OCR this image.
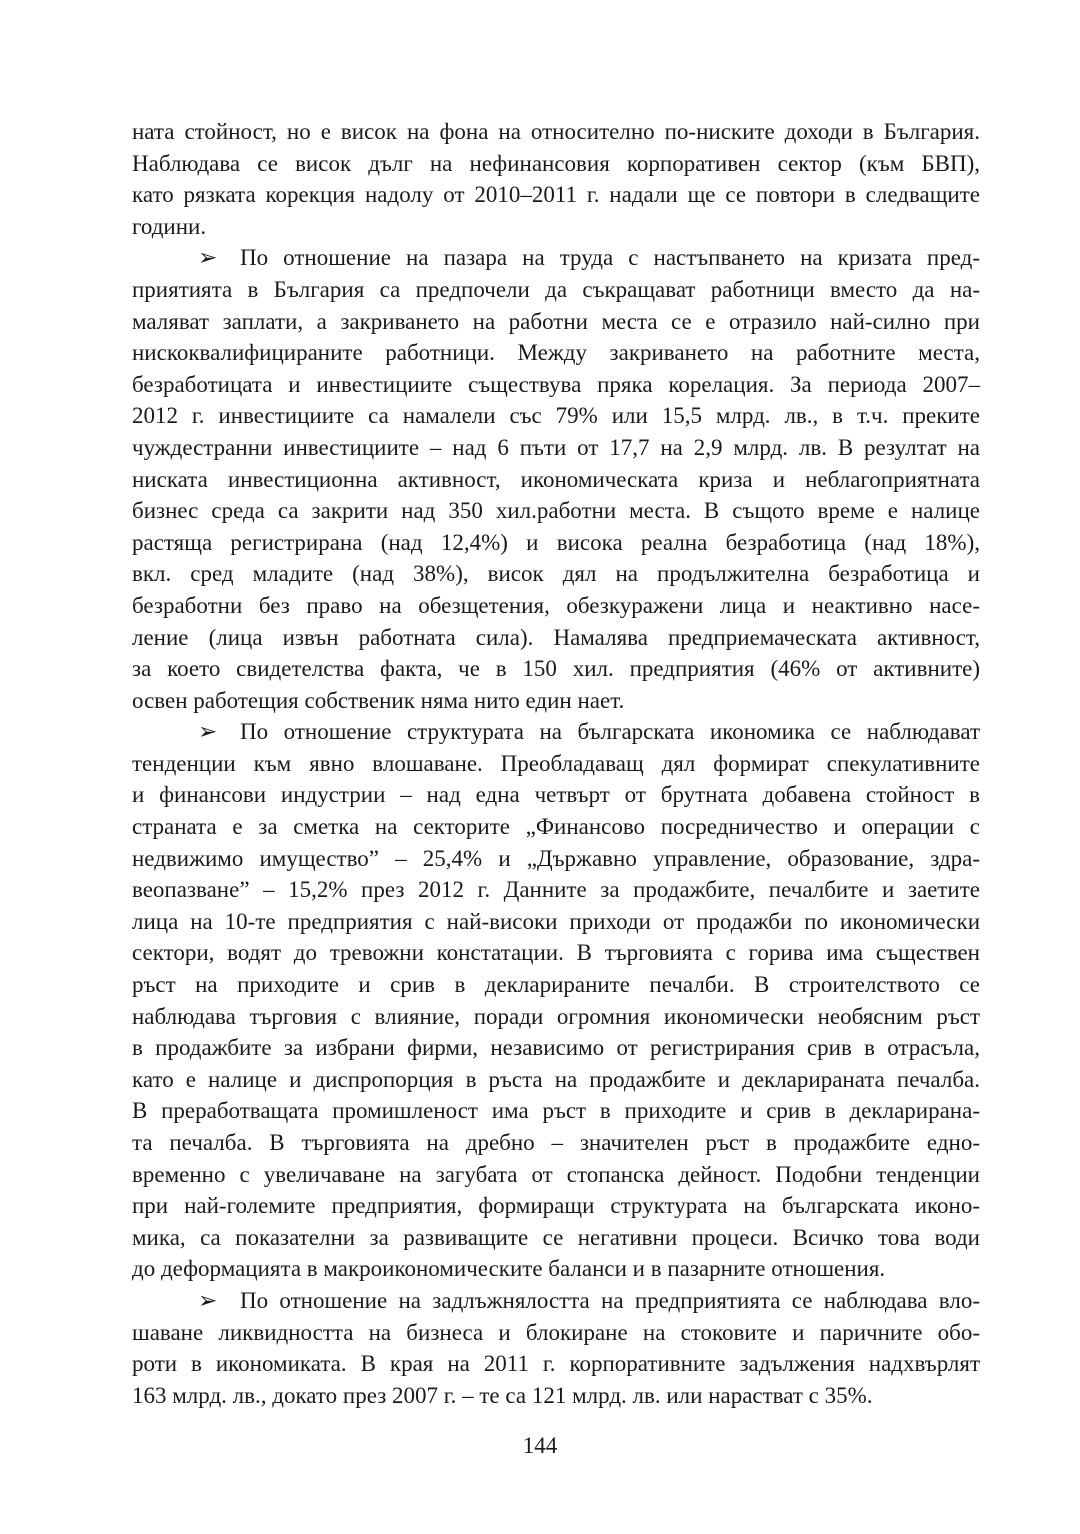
ната стойност, но е висок на фона на относително по-ниските доходи в България.
Наблюдава се висок дълг на нефинансовия корпоративен сектор (към БВП),
като рязката корекция надолу от 2010–2011 г. надали ще се повтори в следващите
години.
➢ По отношение на пазара на труда с настъпването на кризата пред-
приятията в България са предпочели да съкращават работници вместо да на-
маляват заплати, а закриването на работни места се е отразило най-силно при
нискоквалифицираните работници. Между закриването на работните места,
безработицата и инвестициите съществува пряка корелация. За периода 2007–
2012 г. инвестициите са намалели със 79% или 15,5 млрд. лв., в т.ч. преките
чуждестранни инвестициите – над 6 пъти от 17,7 на 2,9 млрд. лв. В резултат на
ниската инвестиционна активност, икономическата криза и неблагоприятната
бизнес среда са закрити над 350 хил.работни места. В същото време е налице
растяща регистрирана (над 12,4%) и висока реална безработица (над 18%),
вкл. сред младите (над 38%), висок дял на продължителна безработица и
безработни без право на обезщетения, обезкуражени лица и неактивно насе-
ление (лица извън работната сила). Намалява предприемаческата активност,
за което свидетелства факта, че в 150 хил. предприятия (46% от активните)
освен работещия собственик няма нито един нает.
➢ По отношение структурата на българската икономика се наблюдават
тенденции към явно влошаване. Преобладаващ дял формират спекулативните
и финансови индустрии – над една четвърт от брутната добавена стойност в
страната е за сметка на секторите „Финансово посредничество и операции с
недвижимо имущество” – 25,4% и „Държавно управление, образование, здра-
веопазване” – 15,2% през 2012 г. Данните за продажбите, печалбите и заетите
лица на 10-те предприятия с най-високи приходи от продажби по икономически
сектори, водят до тревожни констатации. В търговията с горива има съществен
ръст на приходите и срив в декларираните печалби. В строителството се
наблюдава търговия с влияние, поради огромния икономически необясним ръст
в продажбите за избрани фирми, независимо от регистрирания срив в отрасъла,
като е налице и диспропорция в ръста на продажбите и декларираната печалба.
В преработващата промишленост има ръст в приходите и срив в декларирана-
та печалба. В търговията на дребно – значителен ръст в продажбите едно-
временно с увеличаване на загубата от стопанска дейност. Подобни тенденции
при най-големите предприятия, формиращи структурата на българската иконо-
мика, са показателни за развиващите се негативни процеси. Всичко това води
до деформацията в макроикономическите баланси и в пазарните отношения.
➢ По отношение на задлъжнялостта на предприятията се наблюдава вло-
шаване ликвидността на бизнеса и блокиране на стоковите и паричните обо-
роти в икономиката. В края на 2011 г. корпоративните задължения надхвърлят
163 млрд. лв., докато през 2007 г. – те са 121 млрд. лв. или нарастват с 35%.
144
